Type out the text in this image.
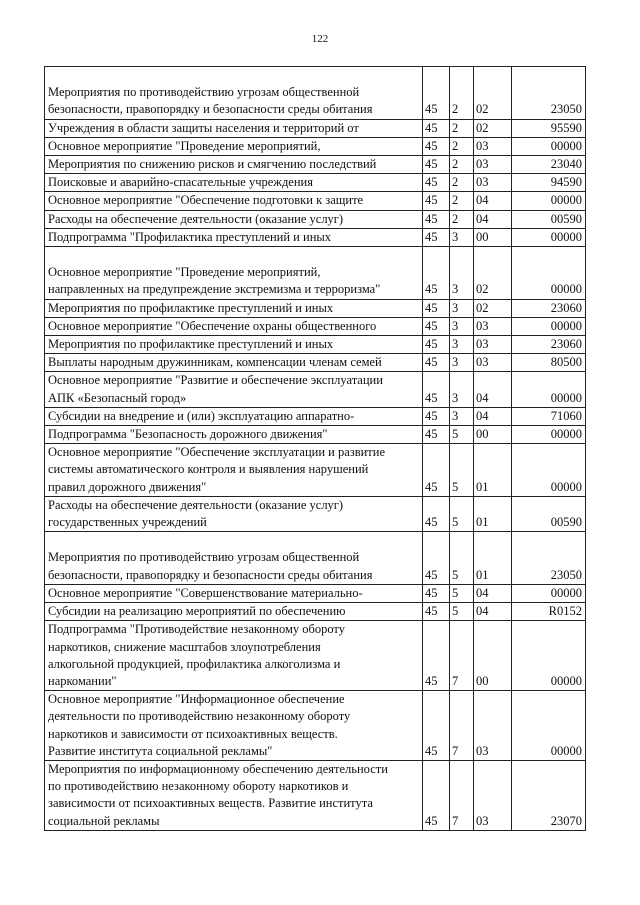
122

Мероприятия по противодействию угрозам общественной
безопасности, правопорядку и безопасности среды обитания	45	2	02	23050
Учреждения в области защиты населения и территорий от	45	2	02	95590
Основное мероприятие "Проведение мероприятий,	45	2	03	00000
Мероприятия по снижению рисков и смягчению последствий	45	2	03	23040
Поисковые и аварийно-спасательные учреждения	45	2	03	94590
Основное мероприятие "Обеспечение подготовки к защите	45	2	04	00000
Расходы на обеспечение деятельности (оказание услуг)	45	2	04	00590
Подпрограмма "Профилактика преступлений и иных	45	3	00	00000

Основное мероприятие "Проведение мероприятий,
направленных на предупреждение экстремизма и терроризма"	45	3	02	00000
Мероприятия по профилактике преступлений и иных	45	3	02	23060
Основное мероприятие "Обеспечение охраны общественного	45	3	03	00000
Мероприятия по профилактике преступлений и иных	45	3	03	23060
Выплаты народным дружинникам, компенсации членам семей	45	3	03	80500
Основное мероприятие "Развитие и обеспечение эксплуатации
АПК «Безопасный город»	45	3	04	00000
Субсидии на внедрение и (или) эксплуатацию аппаратно-	45	3	04	71060
Подпрограмма "Безопасность дорожного движения"	45	5	00	00000
Основное мероприятие "Обеспечение эксплуатации и развитие
системы автоматического контроля и выявления нарушений
правил дорожного движения"	45	5	01	00000
Расходы на обеспечение деятельности (оказание услуг)
государственных учреждений	45	5	01	00590

Мероприятия по противодействию угрозам общественной
безопасности, правопорядку и безопасности среды обитания	45	5	01	23050
Основное мероприятие "Совершенствование материально-	45	5	04	00000
Субсидии на реализацию мероприятий по обеспечению	45	5	04	R0152
Подпрограмма "Противодействие незаконному обороту
наркотиков, снижение масштабов злоупотребления
алкогольной продукцией, профилактика алкоголизма и
наркомании"	45	7	00	00000
Основное мероприятие "Информационное обеспечение
деятельности по противодействию незаконному обороту
наркотиков и зависимости от психоактивных веществ.
Развитие института социальной рекламы"	45	7	03	00000
Мероприятия по информационному обеспечению деятельности
по противодействию незаконному обороту наркотиков и
зависимости от психоактивных веществ. Развитие института
социальной рекламы	45	7	03	23070
